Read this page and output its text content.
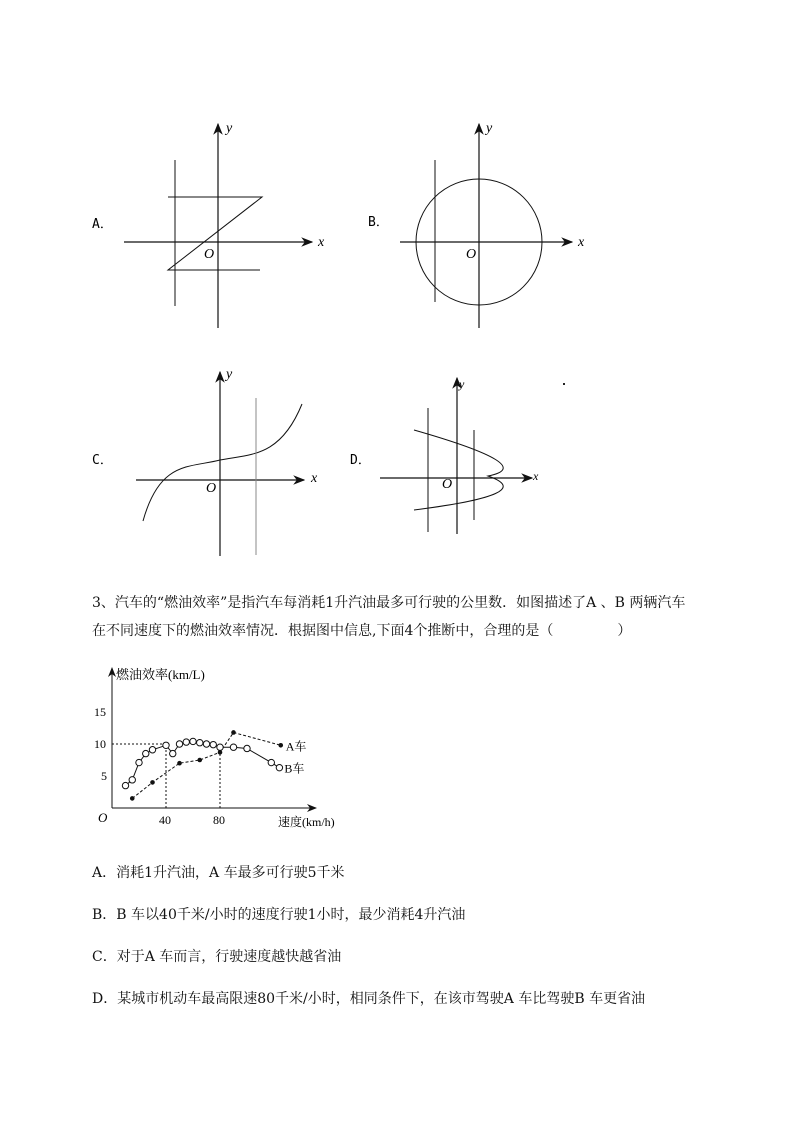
A．
x
y
O
B．
x
y
O
C．
x
y
O
D．
x
y
O
3、汽车的“燃油效率”是指汽车每消耗1升汽油最多可行驶的公里数．如图描述了A 、B 两辆汽车
在不同速度下的燃油效率情况．根据图中信息,下面4个推断中，合理的是（	）
燃油效率(km/L)
速度(km/h)
O	40	80
5
10
15
A车
B车
A．消耗1升汽油，A 车最多可行驶5千米
B．B 车以40千米/小时的速度行驶1小时，最少消耗4升汽油
C．对于A 车而言，行驶速度越快越省油
D．某城市机动车最高限速80千米/小时，相同条件下，在该市驾驶A 车比驾驶B 车更省油
